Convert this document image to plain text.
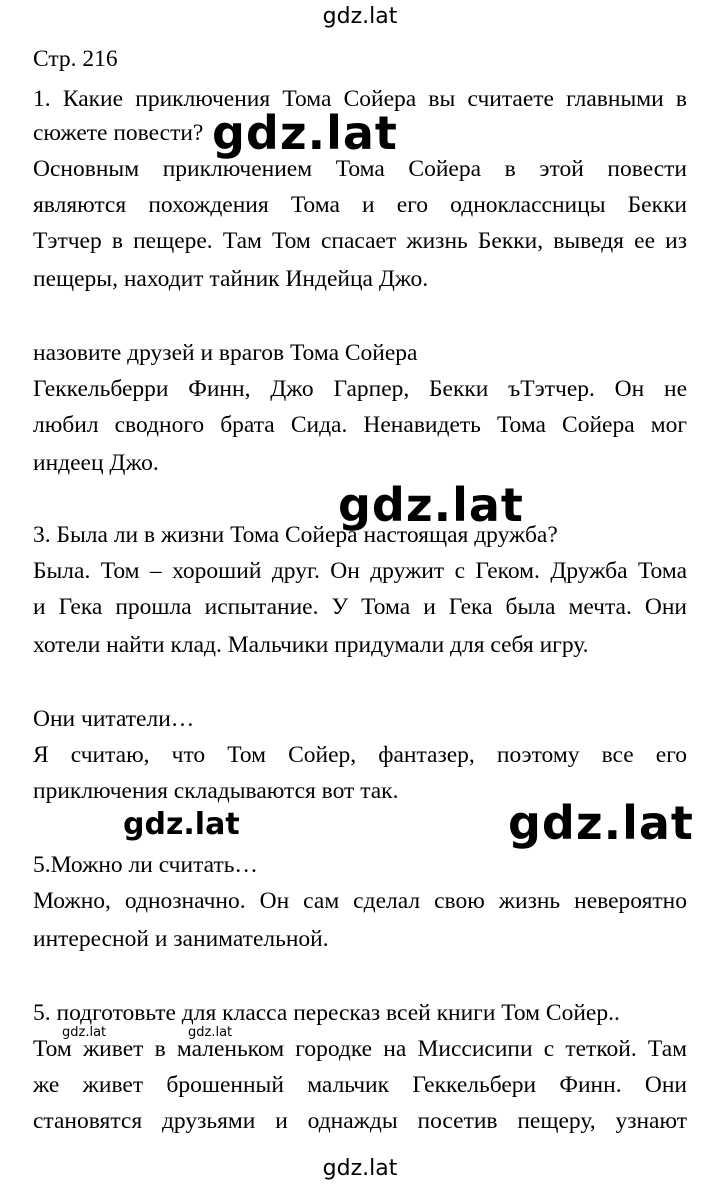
gdz.lat
Стр. 216
1. Какие приключения Тома Сойера вы считаете главными в
сюжете повести?
Основным приключением Тома Сойера в этой повести
являются похождения Тома и его одноклассницы Бекки
Тэтчер в пещере. Там Том спасает жизнь Бекки, выведя ее из
пещеры, находит тайник Индейца Джо.
назовите друзей и врагов Тома Сойера
Геккельберри Финн, Джо Гарпер, Бекки ъТэтчер. Он не
любил сводного брата Сида. Ненавидеть Тома Сойера мог
индеец Джо.
3. Была ли в жизни Тома Сойера настоящая дружба?
Была. Том – хороший друг. Он дружит с Геком. Дружба Тома
и Гека прошла испытание. У Тома и Гека была мечта. Они
хотели найти клад. Мальчики придумали для себя игру.
Они читатели…
Я считаю, что Том Сойер, фантазер, поэтому все его
приключения складываются вот так.
5.Можно ли считать…
Можно, однозначно. Он сам сделал свою жизнь невероятно
интересной и занимательной.
5. подготовьте для класса пересказ всей книги Том Сойер..
Том живет в маленьком городке на Миссисипи с теткой. Там
же живет брошенный мальчик Геккельбери Финн. Они
становятся друзьями и однажды посетив пещеру, узнают
gdz.lat
gdz.lat
gdz.lat
gdz.lat
gdz.lat	gdz.lat
gdz.lat
